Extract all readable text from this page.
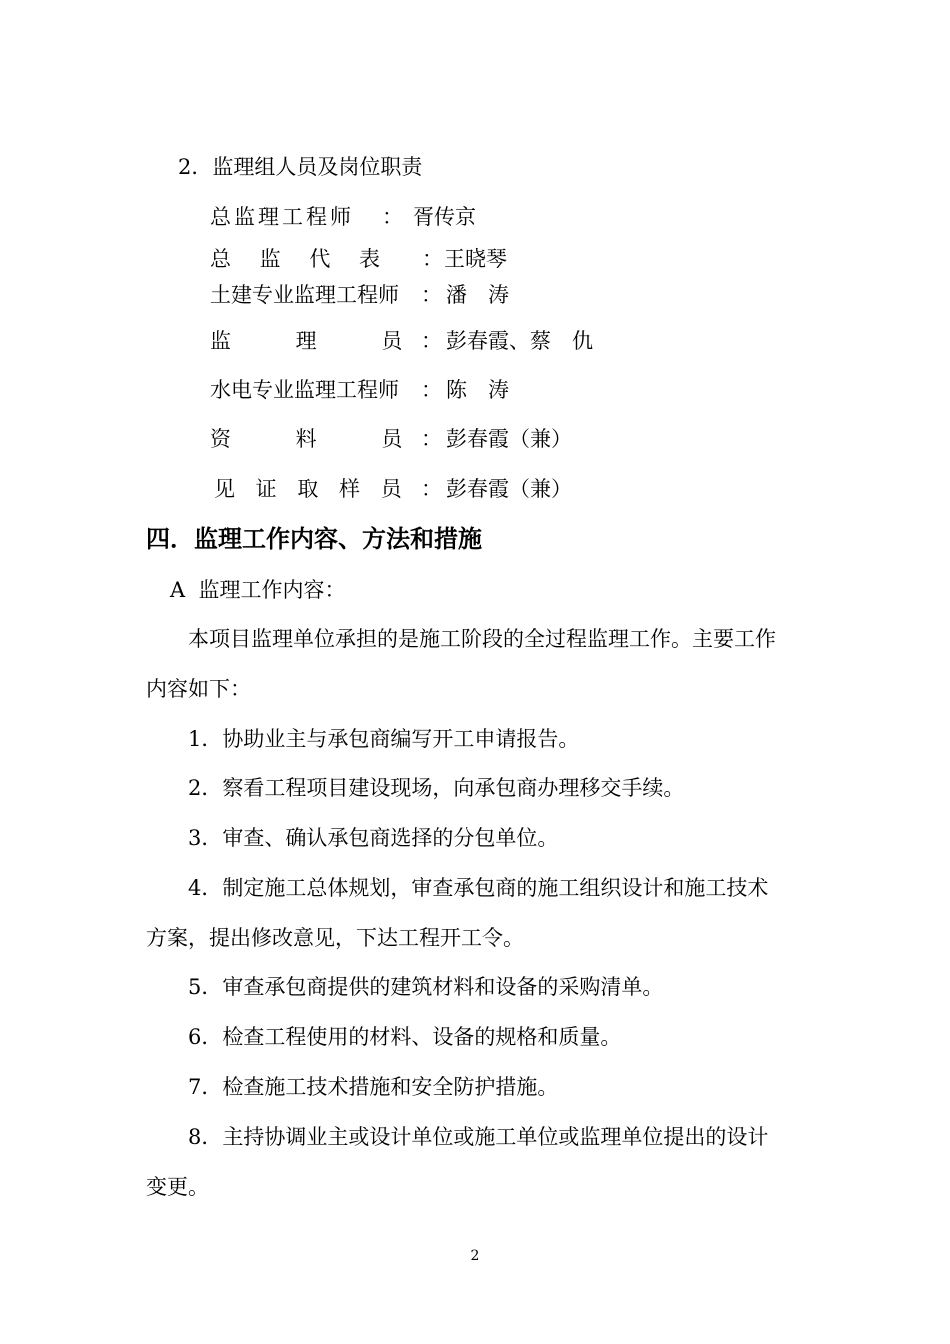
2．监理组人员及岗位职责
总监理工程师 ： 胥传京
总 监 代 表 ： 王晓琴
土建专业监理工程师 ： 潘　涛
监 理 员 ： 彭春霞、蔡　仇
水电专业监理工程师 ： 陈　涛
资 料 员 ： 彭春霞（兼）
见 证 取 样 员 ： 彭春霞（兼）
四．监理工作内容、方法和措施
A  监理工作内容：
本项目监理单位承担的是施工阶段的全过程监理工作。主要工作
内容如下：
1．协助业主与承包商编写开工申请报告。
2．察看工程项目建设现场，向承包商办理移交手续。
3．审查、确认承包商选择的分包单位。
4．制定施工总体规划，审查承包商的施工组织设计和施工技术
方案，提出修改意见，下达工程开工令。
5．审查承包商提供的建筑材料和设备的采购清单。
6．检查工程使用的材料、设备的规格和质量。
7．检查施工技术措施和安全防护措施。
8．主持协调业主或设计单位或施工单位或监理单位提出的设计
变更。
2
